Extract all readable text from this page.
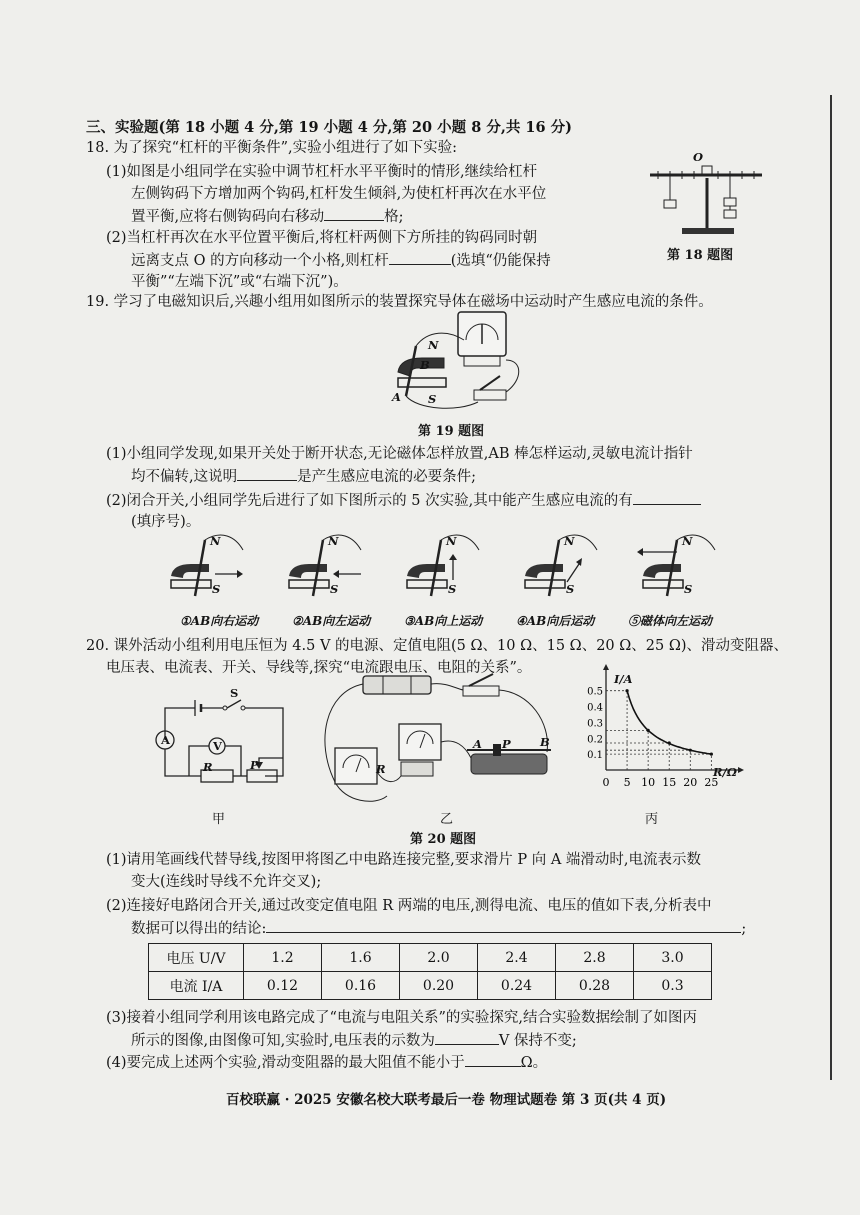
三、实验题(第 18 小题 4 分,第 19 小题 4 分,第 20 小题 8 分,共 16 分)
18. 为了探究“杠杆的平衡条件”,实验小组进行了如下实验:
(1)如图是小组同学在实验中调节杠杆水平平衡时的情形,继续给杠杆
左侧钩码下方增加两个钩码,杠杆发生倾斜,为使杠杆再次在水平位
置平衡,应将右侧钩码向右移动	格;
(2)当杠杆再次在水平位置平衡后,将杠杆两侧下方所挂的钩码同时朝
远离支点 O 的方向移动一个小格,则杠杆	(选填“仍能保持
平衡”“左端下沉”或“右端下沉”)。
O
第 18 题图
19. 学习了电磁知识后,兴趣小组用如图所示的装置探究导体在磁场中运动时产生感应电流的条件。
N
B
A S
第 19 题图
(1)小组同学发现,如果开关处于断开状态,无论磁体怎样放置,AB 棒怎样运动,灵敏电流计指针
均不偏转,这说明	是产生感应电流的必要条件;
(2)闭合开关,小组同学先后进行了如下图所示的 5 次实验,其中能产生感应电流的有
(填序号)。
N	N	N	N	N
S	S	S	S	S
①AB向右运动	②AB向左运动	③AB向上运动	④AB向后运动	⑤磁体向左运动
20. 课外活动小组利用电压恒为 4.5 V 的电源、定值电阻(5 Ω、10 Ω、15 Ω、20 Ω、25 Ω)、滑动变阻器、
电压表、电流表、开关、导线等,探究“电流跟电压、电阻的关系”。
S
A	V
R	P
甲
R
A P	B
乙
0 5 10 15 20 25
0.1
0.2
0.3
0.4
0.5
I/A
R/Ω
丙
第 20 题图
(1)请用笔画线代替导线,按图甲将图乙中电路连接完整,要求滑片 P 向 A 端滑动时,电流表示数
变大(连线时导线不允许交叉);
(2)连接好电路闭合开关,通过改变定值电阻 R 两端的电压,测得电流、电压的值如下表,分析表中
数据可以得出的结论:	;
电压 U/V	1.2	1.6	2.0	2.4	2.8	3.0
电流 I/A	0.12	0.16	0.20	0.24	0.28	0.3
(3)接着小组同学利用该电路完成了“电流与电阻关系”的实验探究,结合实验数据绘制了如图丙
所示的图像,由图像可知,实验时,电压表的示数为	V 保持不变;
(4)要完成上述两个实验,滑动变阻器的最大阻值不能小于	Ω。
百校联赢 · 2025 安徽名校大联考最后一卷 物理试题卷 第 3 页(共 4 页)
